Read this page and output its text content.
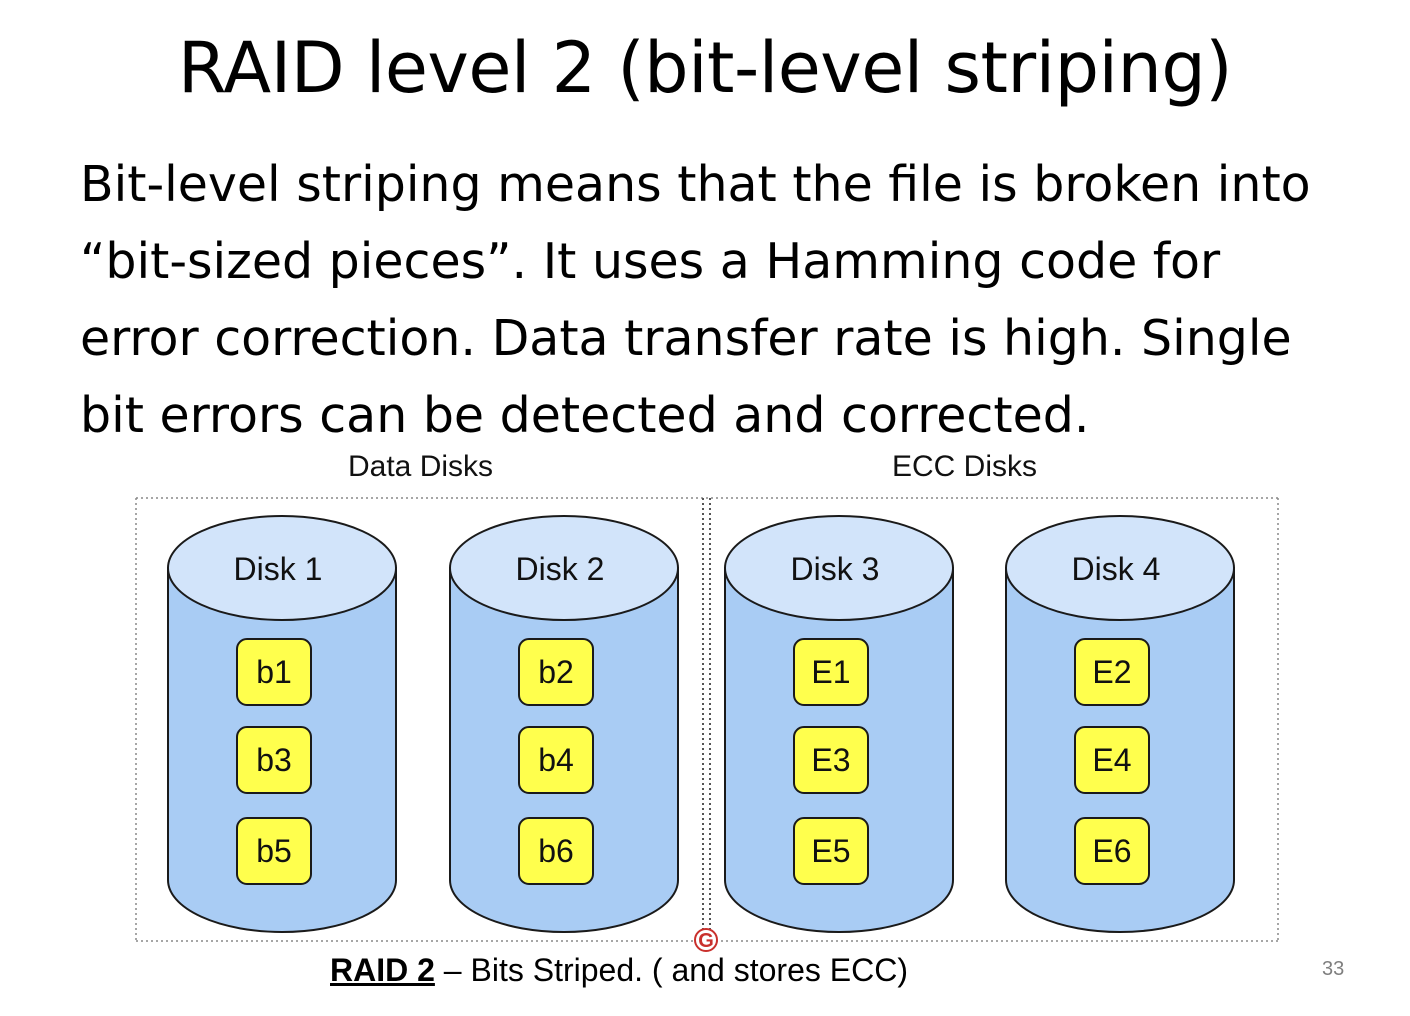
RAID level 2 (bit-level striping)
Bit-level striping means that the file is broken into
“bit-sized pieces”. It uses a Hamming code for
error correction. Data transfer rate is high. Single
bit errors can be detected and corrected.
Data Disks	ECC Disks
Disk 1
b1
b3
b5
Disk 2
b2
b4
b6
Disk 3
E1
E3
E5
Disk 4
E2
E4
E6
G
RAID 2 – Bits Striped. ( and stores ECC)	33
